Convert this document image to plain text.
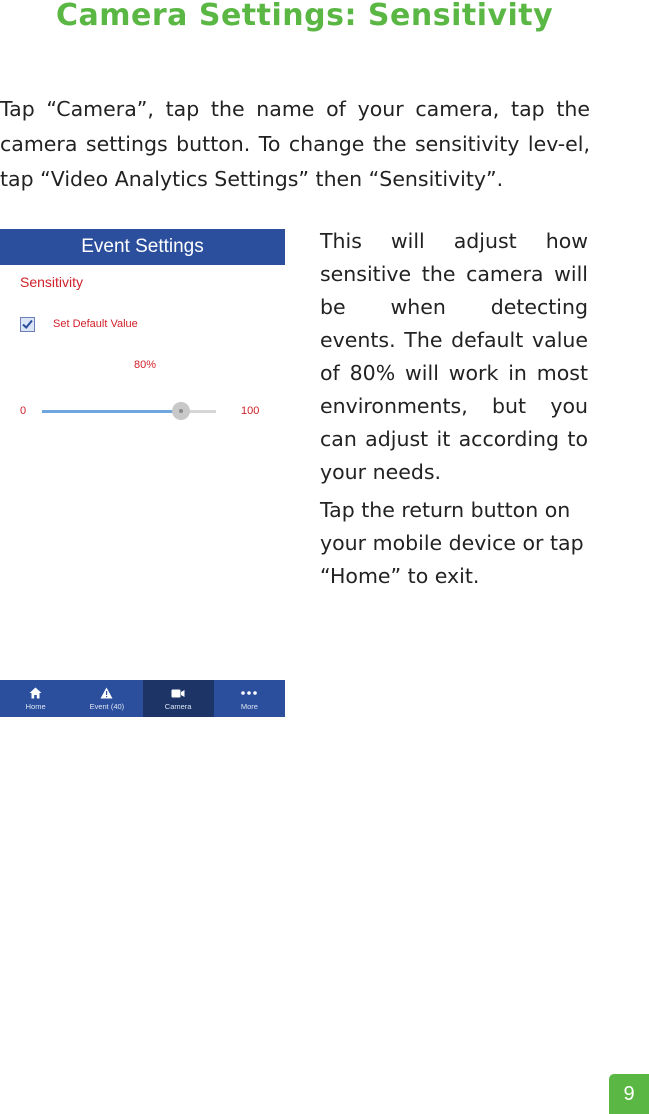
Camera Settings: Sensitivity

Tap “Camera”, tap the name of your camera, tap the camera settings button. To change the sensitivity lev-el, tap “Video Analytics Settings” then “Sensitivity”.

Event Settings
Sensitivity
Set Default Value
80%
0	100
Home	Event (40)	Camera	More

This will adjust how sensitive the camera will be when detecting events. The default value of 80% will work in most environments, but you can adjust it according to your needs.

Tap the return button on your mobile device or tap “Home” to exit.

9
